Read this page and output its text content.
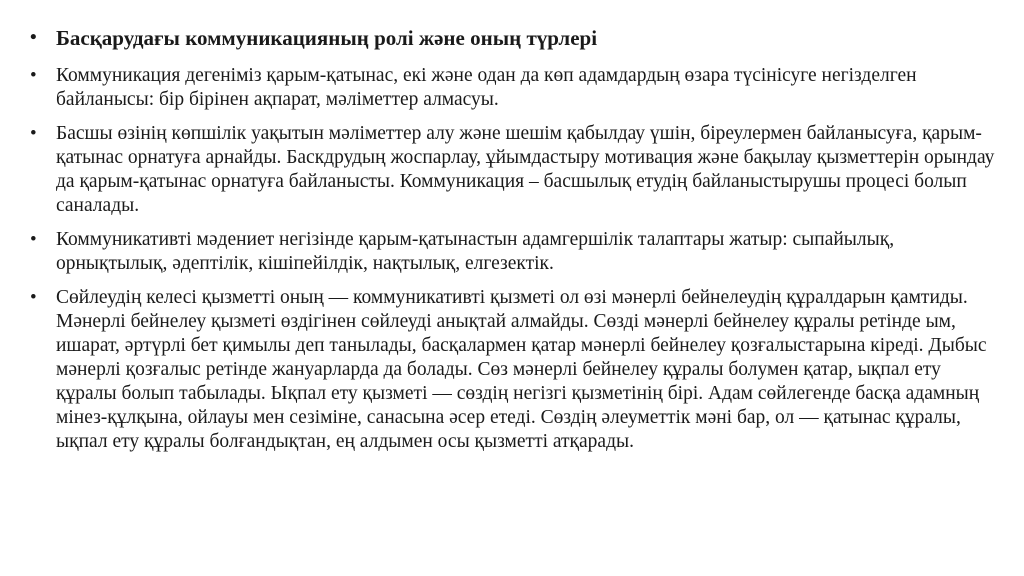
• Басқарудағы коммуникацияның ролі және оның түрлері
• Коммуникация дегеніміз қарым-қатынас, екі және одан да көп адамдардың өзара түсінісуге негізделген байланысы: бір бірінен ақпарат, мәліметтер алмасуы.
• Басшы өзінің көпшілік уақытын мәліметтер алу және шешім қабылдау үшін, біреулермен байланысуға, қарым-қатынас орнатуға арнайды. Баскдрудың жоспарлау, ұйымдастыру мотивация және бақылау қызметтерін орындау да қарым-қатынас орнатуға байланысты. Коммуникация – басшылық етудің байланыстырушы процесі болып саналады.
• Коммуникативті мәдениет негізінде қарым-қатынастын адамгершілік талаптары жатыр: сыпайылық, орнықтылық, әдептілік, кішіпейілдік, нақтылық, елгезектік.
• Сөйлеудің келесі қызметті оның — коммуникативті қызметі ол өзі мәнерлі бейнелеудің құралдарын қамтиды. Мәнерлі бейнелеу қызметі өздігінен сөйлеуді анықтай алмайды. Сөзді мәнерлі бейнелеу құралы ретінде ым, ишарат, әртүрлі бет қимылы деп танылады, басқалармен қатар мәнерлі бейнелеу қозғалыстарына кіреді. Дыбыс мәнерлі қозғалыс ретінде жануарларда да болады. Сөз мәнерлі бейнелеу құралы болумен қатар, ықпал ету құралы болып табылады. Ықпал ету қызметі — сөздің негізгі қызметінің бірі. Адам сөйлегенде басқа адамның мінез-құлқына, ойлауы мен сезіміне, санасына әсер етеді. Сөздің әлеуметтік мәні бар, ол — қатынас құралы, ықпал ету құралы болғандықтан, ең алдымен осы қызметті атқарады.
